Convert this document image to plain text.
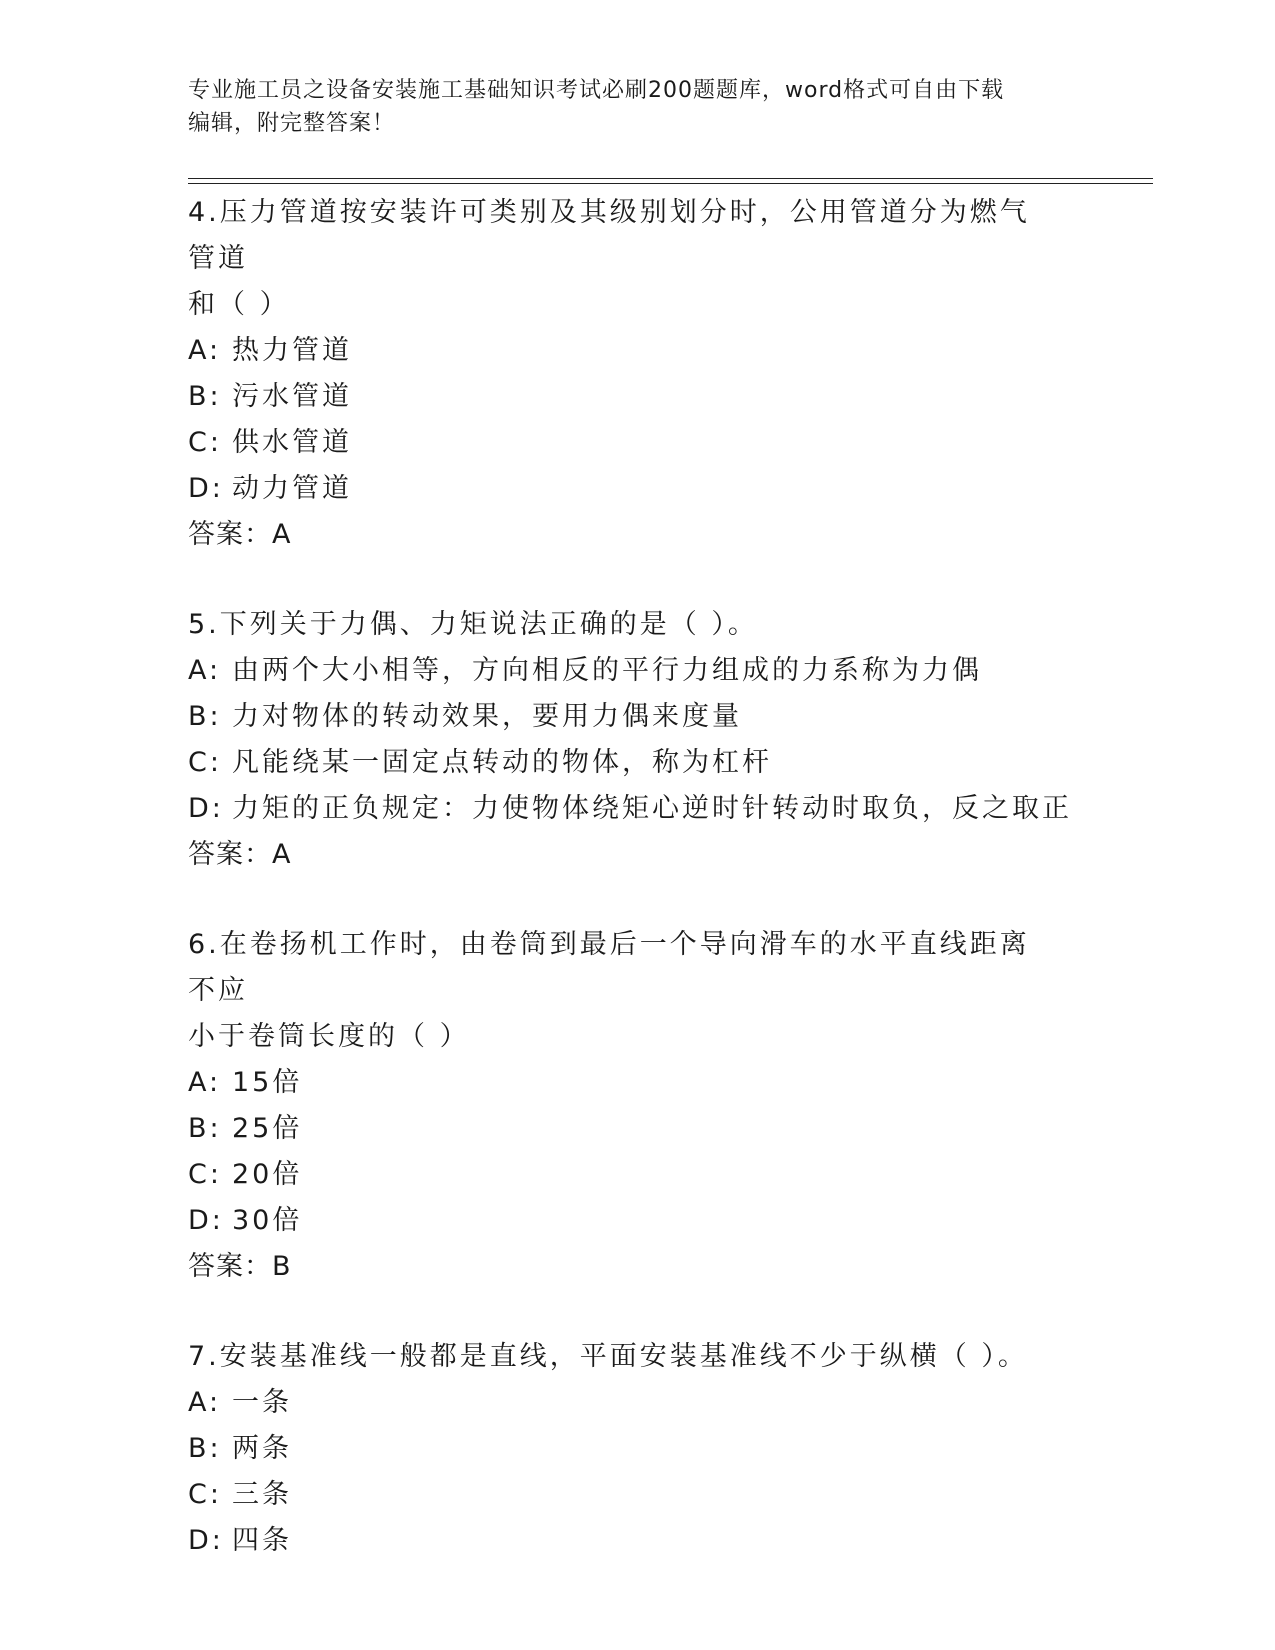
专业施工员之设备安装施工基础知识考试必刷200题题库，word格式可自由下载
编辑，附完整答案！

4.压力管道按安装许可类别及其级别划分时，公用管道分为燃气管道
和（ ）

A: 热力管道

B: 污水管道

C: 供水管道

D: 动力管道

答案：A

5.下列关于力偶、力矩说法正确的是（ ）。

A: 由两个大小相等，方向相反的平行力组成的力系称为力偶

B: 力对物体的转动效果，要用力偶来度量

C: 凡能绕某一固定点转动的物体，称为杠杆

D: 力矩的正负规定：力使物体绕矩心逆时针转动时取负，反之取正

答案：A

6.在卷扬机工作时，由卷筒到最后一个导向滑车的水平直线距离不应
小于卷筒长度的（ ）

A: 15倍

B: 25倍

C: 20倍

D: 30倍

答案：B

7.安装基准线一般都是直线，平面安装基准线不少于纵横（ ）。

A: 一条

B: 两条

C: 三条

D: 四条
